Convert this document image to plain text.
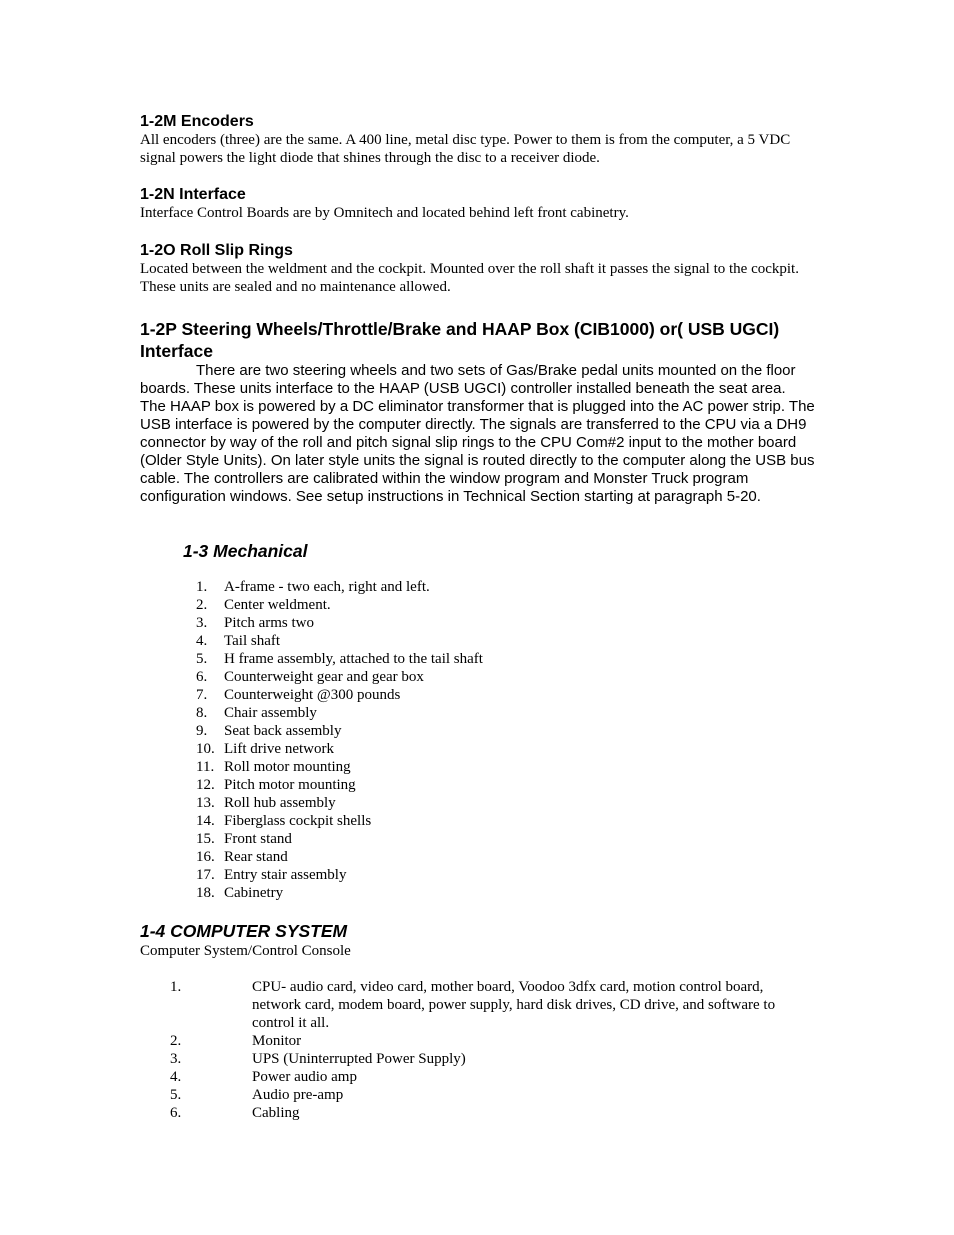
1-2M Encoders

All encoders (three) are the same. A 400 line, metal disc type. Power to them is from the computer, a 5 VDC signal powers the light diode that shines through the disc to a receiver diode.

1-2N Interface

Interface Control Boards are by Omnitech and located behind left front cabinetry.

1-2O Roll Slip Rings

Located between the weldment and the cockpit. Mounted over the roll shaft it passes the signal to the cockpit. These units are sealed and no maintenance allowed.

1-2P Steering Wheels/Throttle/Brake and HAAP Box (CIB1000) or( USB UGCI) Interface

There are two steering wheels and two sets of Gas/Brake pedal units mounted on the floor boards. These units interface to the HAAP (USB UGCI) controller installed beneath the seat area. The HAAP box is powered by a DC eliminator transformer that is plugged into the AC power strip. The USB interface is powered by the computer directly. The signals are transferred to the CPU via a DH9 connector by way of the roll and pitch signal slip rings to the CPU Com#2 input to the mother board (Older Style Units). On later style units the signal is routed directly to the computer along the USB bus cable. The controllers are calibrated within the window program and Monster Truck program configuration windows. See setup instructions in Technical Section starting at paragraph 5-20.

1-3 Mechanical

1.	A-frame - two each, right and left.
2.	Center weldment.
3.	Pitch arms two
4.	Tail shaft
5.	H frame assembly, attached to the tail shaft
6.	Counterweight gear and gear box
7.	Counterweight @300 pounds
8.	Chair assembly
9.	Seat back assembly
10. Lift drive network
11. Roll motor mounting
12. Pitch motor mounting
13. Roll hub assembly
14. Fiberglass cockpit shells
15. Front stand
16. Rear stand
17. Entry stair assembly
18. Cabinetry

1-4 COMPUTER SYSTEM

Computer System/Control Console

1.	CPU- audio card, video card, mother board, Voodoo 3dfx card, motion control board, network card, modem board, power supply, hard disk drives, CD drive, and software to control it all.
2.	Monitor
3.	UPS (Uninterrupted Power Supply)
4.	Power audio amp
5.	Audio pre-amp
6.	Cabling
